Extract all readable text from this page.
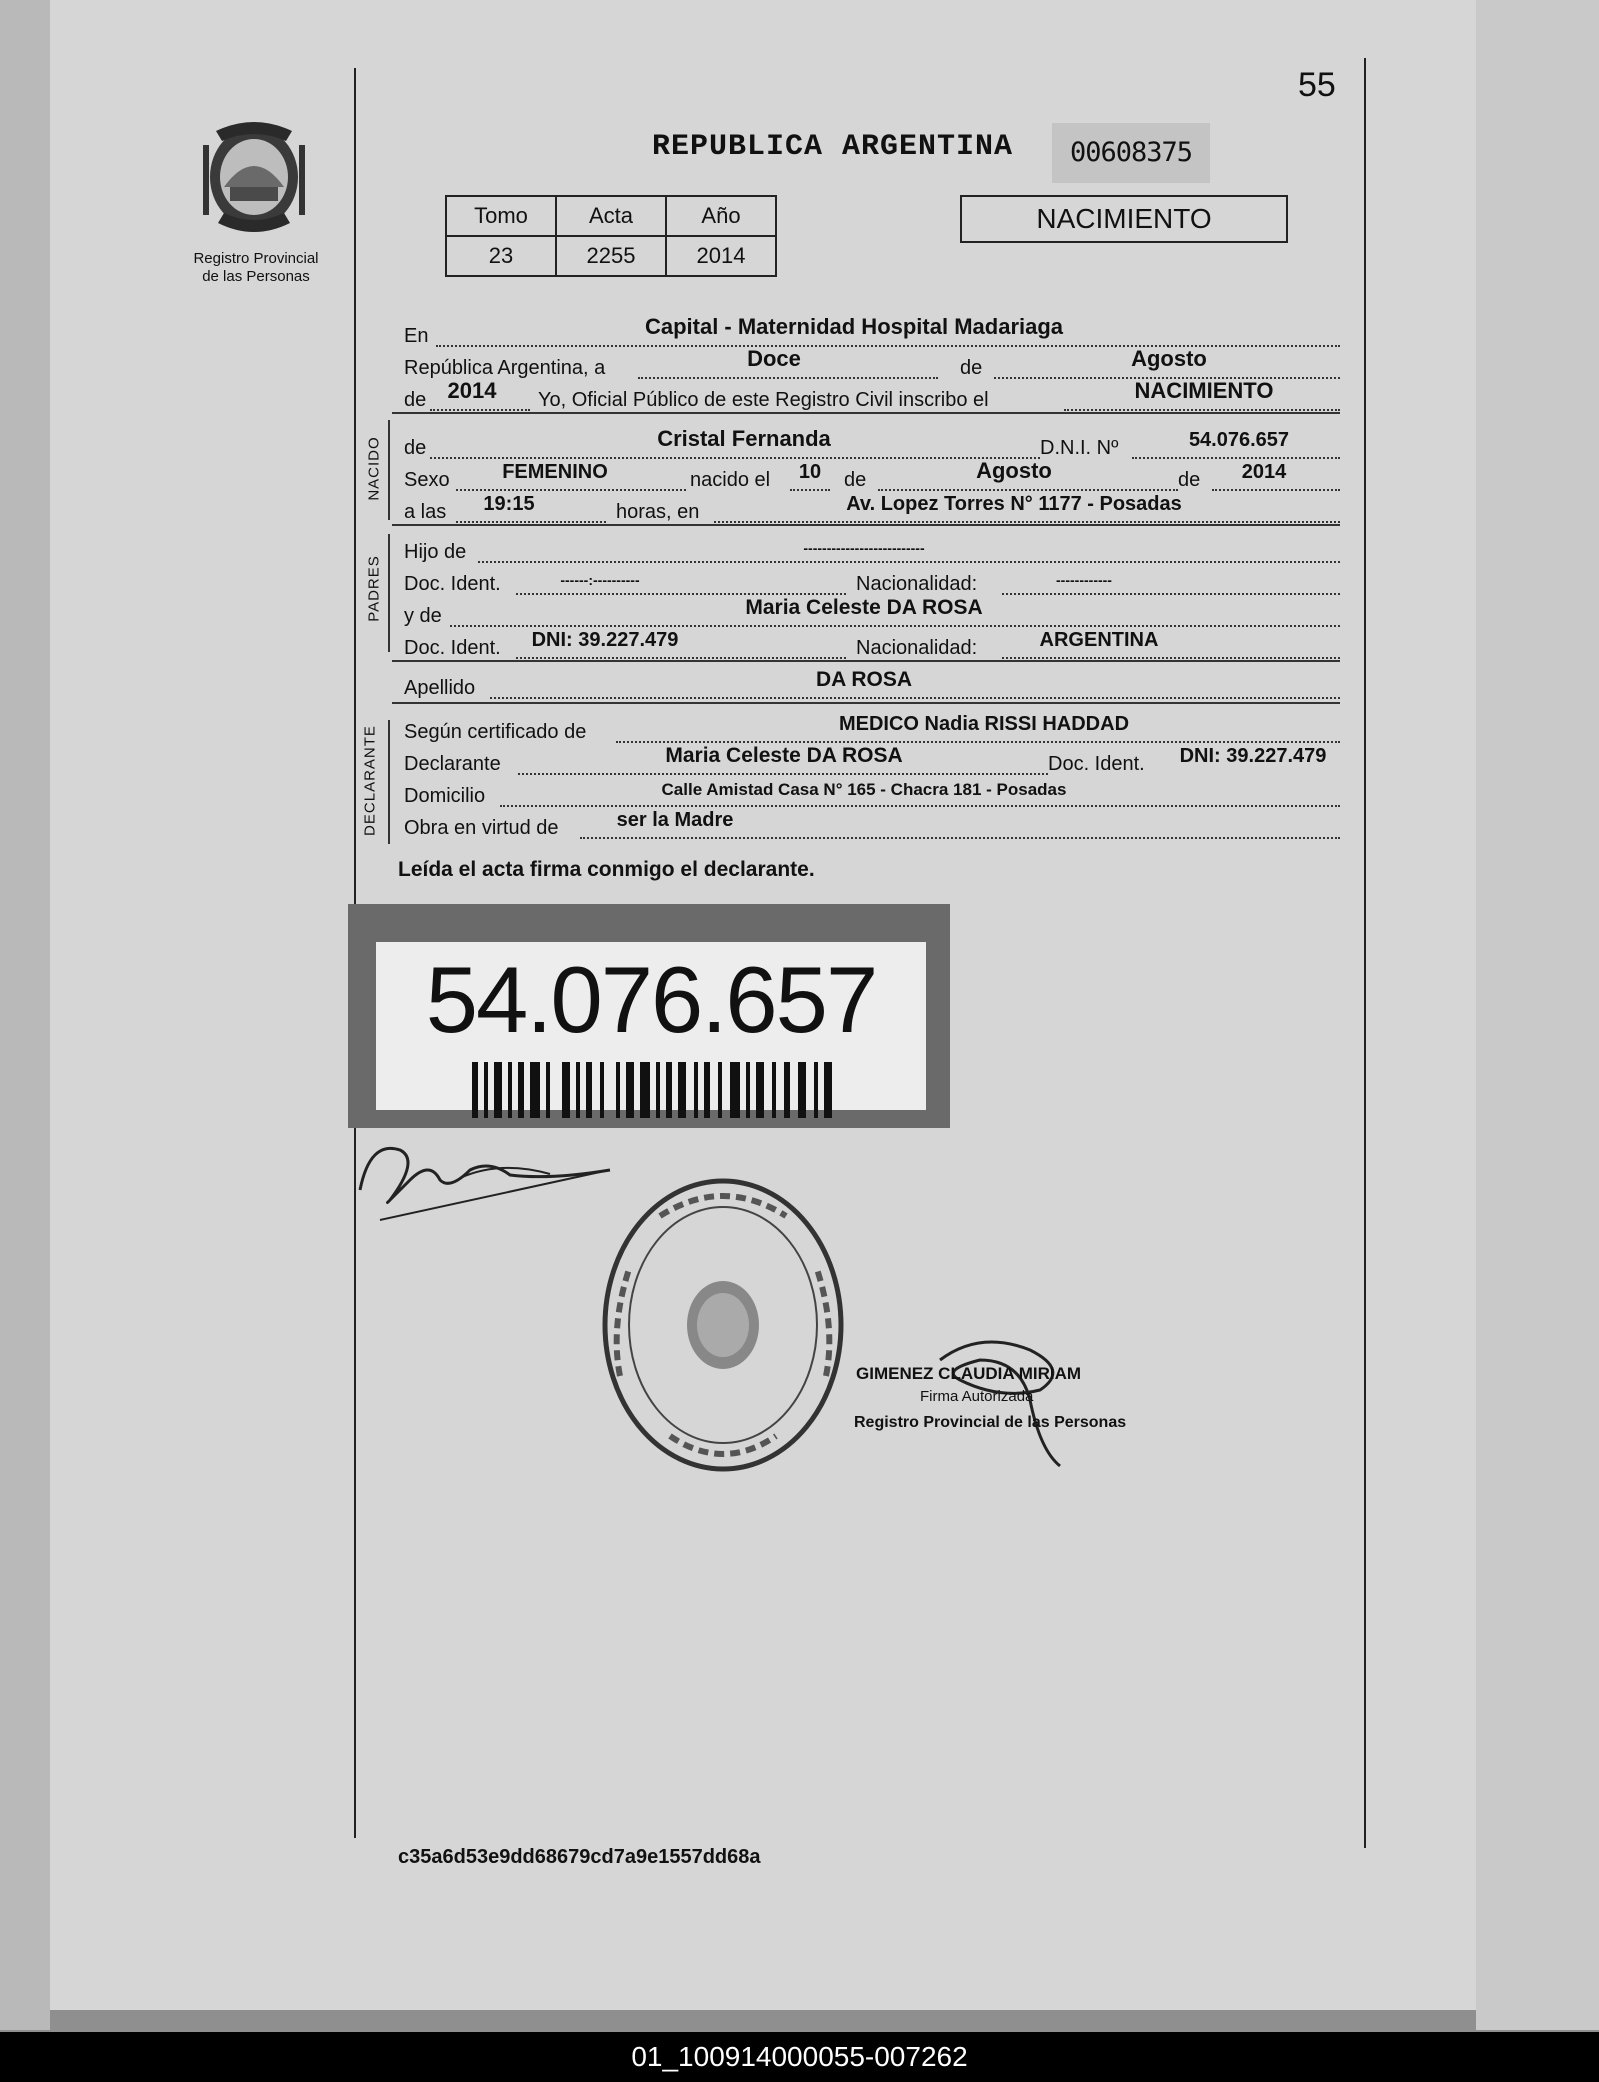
55
Registro Provincial
de las Personas
REPUBLICA ARGENTINA	00608375
Tomo	Acta	Año
23	2255	2014
NACIMIENTO
En	Capital - Maternidad Hospital Madariaga
República Argentina, a	Doce	de	Agosto
de 2014	Yo, Oficial Público de este Registro Civil inscribo el	NACIMIENTO
NACIDO de	Cristal Fernanda	D.N.I. Nº	54.076.657
Sexo	FEMENINO	nacido el	10	de	Agosto	de	2014
a las	19:15	horas, en	Av. Lopez Torres N° 1177 - Posadas
PADRES
Hijo de	--------------------------
Doc. Ident.	------:----------	Nacionalidad:	------------
y de	Maria Celeste DA ROSA
Doc. Ident.	DNI: 39.227.479	Nacionalidad:	ARGENTINA
Apellido	DA ROSA
DECLARANTE Según certificado de	MEDICO Nadia RISSI HADDAD
Declarante	Maria Celeste DA ROSA	Doc. Ident.	DNI: 39.227.479
Domicilio	Calle Amistad Casa N° 165 - Chacra 181 - Posadas
Obra en virtud de	ser la Madre
Leída el acta firma conmigo el declarante.
54.076.657
GIMENEZ CLAUDIA MIRIAM
Firma Autorizada
Registro Provincial de las Personas
c35a6d53e9dd68679cd7a9e1557dd68a
01_100914000055-007262
